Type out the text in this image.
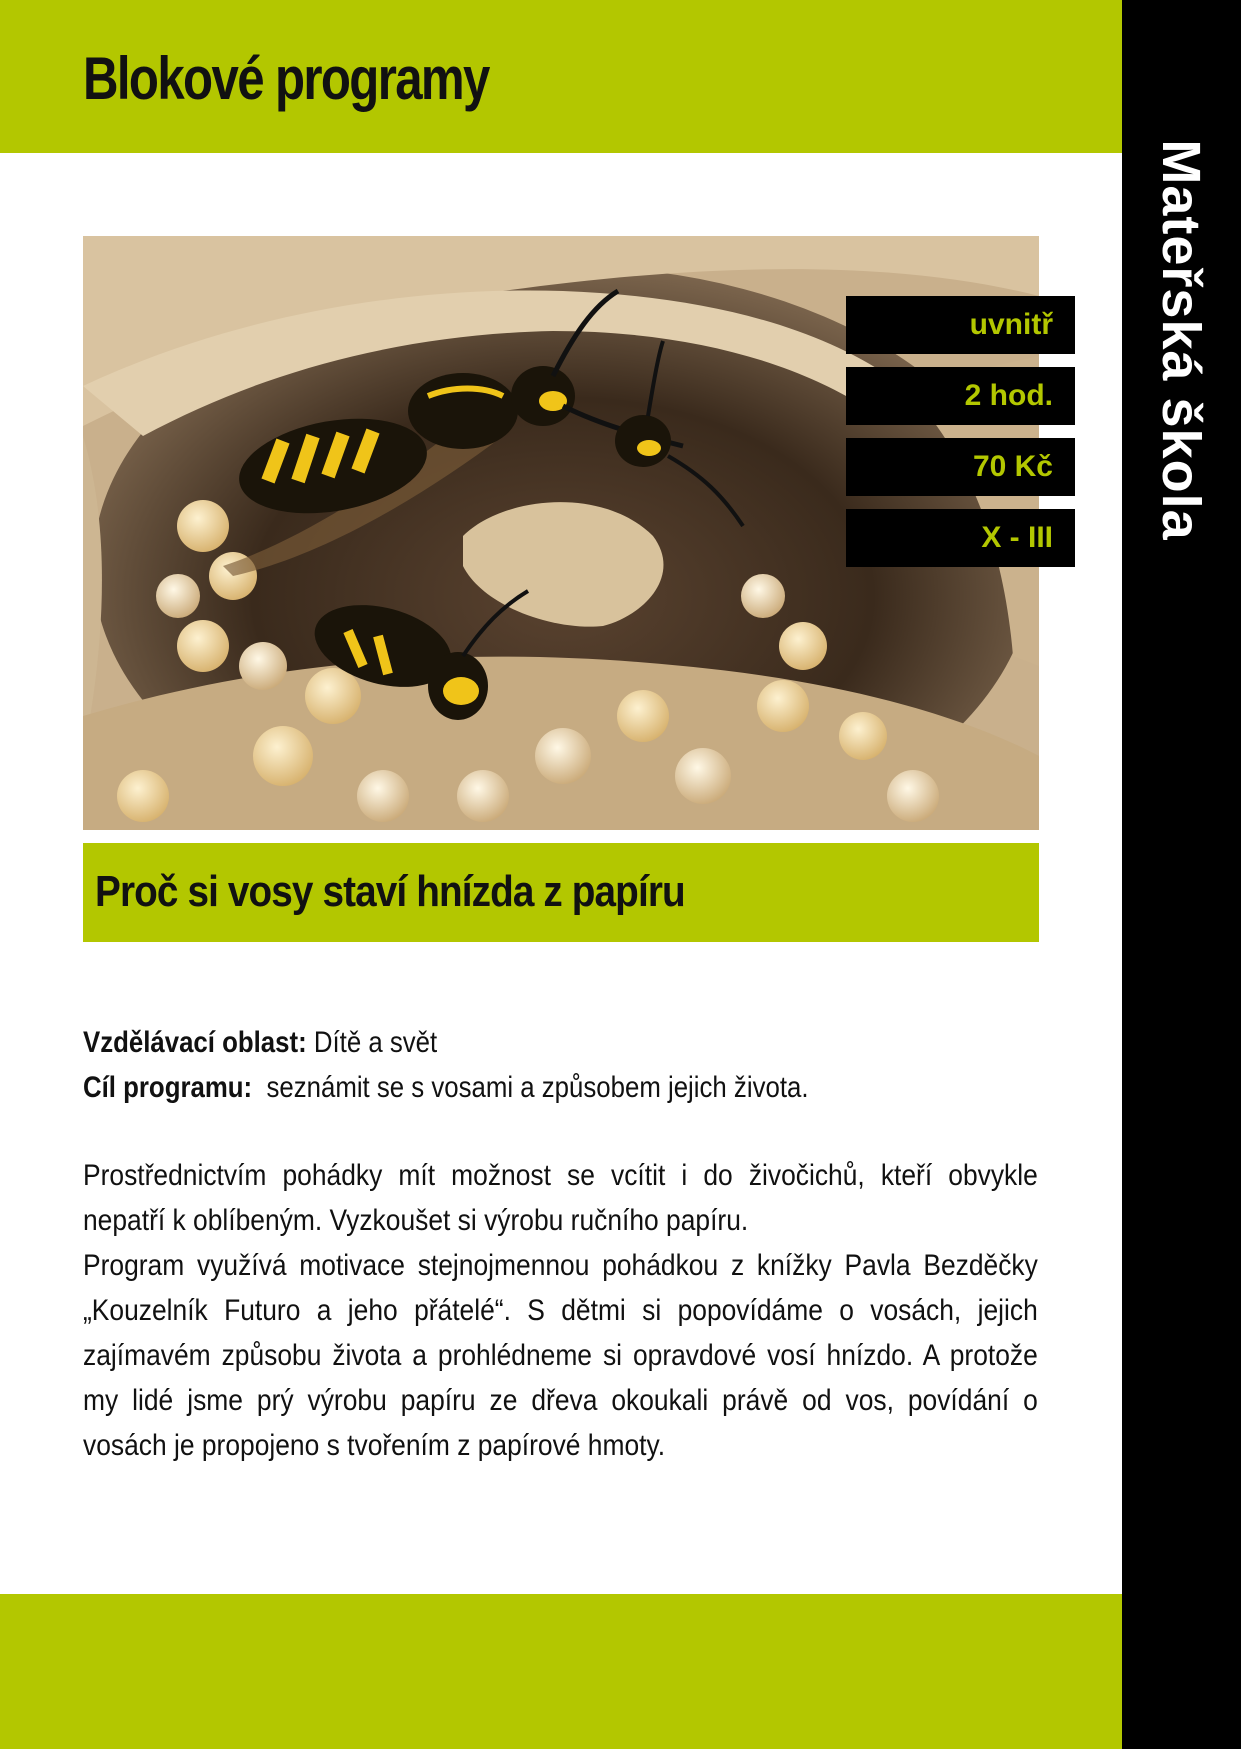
Blokové programy
Mateřská škola
uvnitř
2 hod.
70 Kč
X - III
Proč si vosy staví hnízda z papíru
Vzdělávací oblast: Dítě a svět
Cíl programu: seznámit se s vosami a způsobem jejich života.

Prostřednictvím pohádky mít možnost se vcítit i do živočichů, kteří obvykle nepatří k oblíbeným. Vyzkoušet si výrobu ručního papíru.

Program využívá motivace stejnojmennou pohádkou z knížky Pavla Bezděčky „Kouzelník Futuro a jeho přátelé“. S dětmi si popovídáme o vosách, jejich zajímavém způsobu života a prohlédneme si opravdové vosí hnízdo. A protože my lidé jsme prý výrobu papíru ze dřeva okoukali právě od vos, povídání o vosách je propojeno s tvořením z papírové hmoty.
